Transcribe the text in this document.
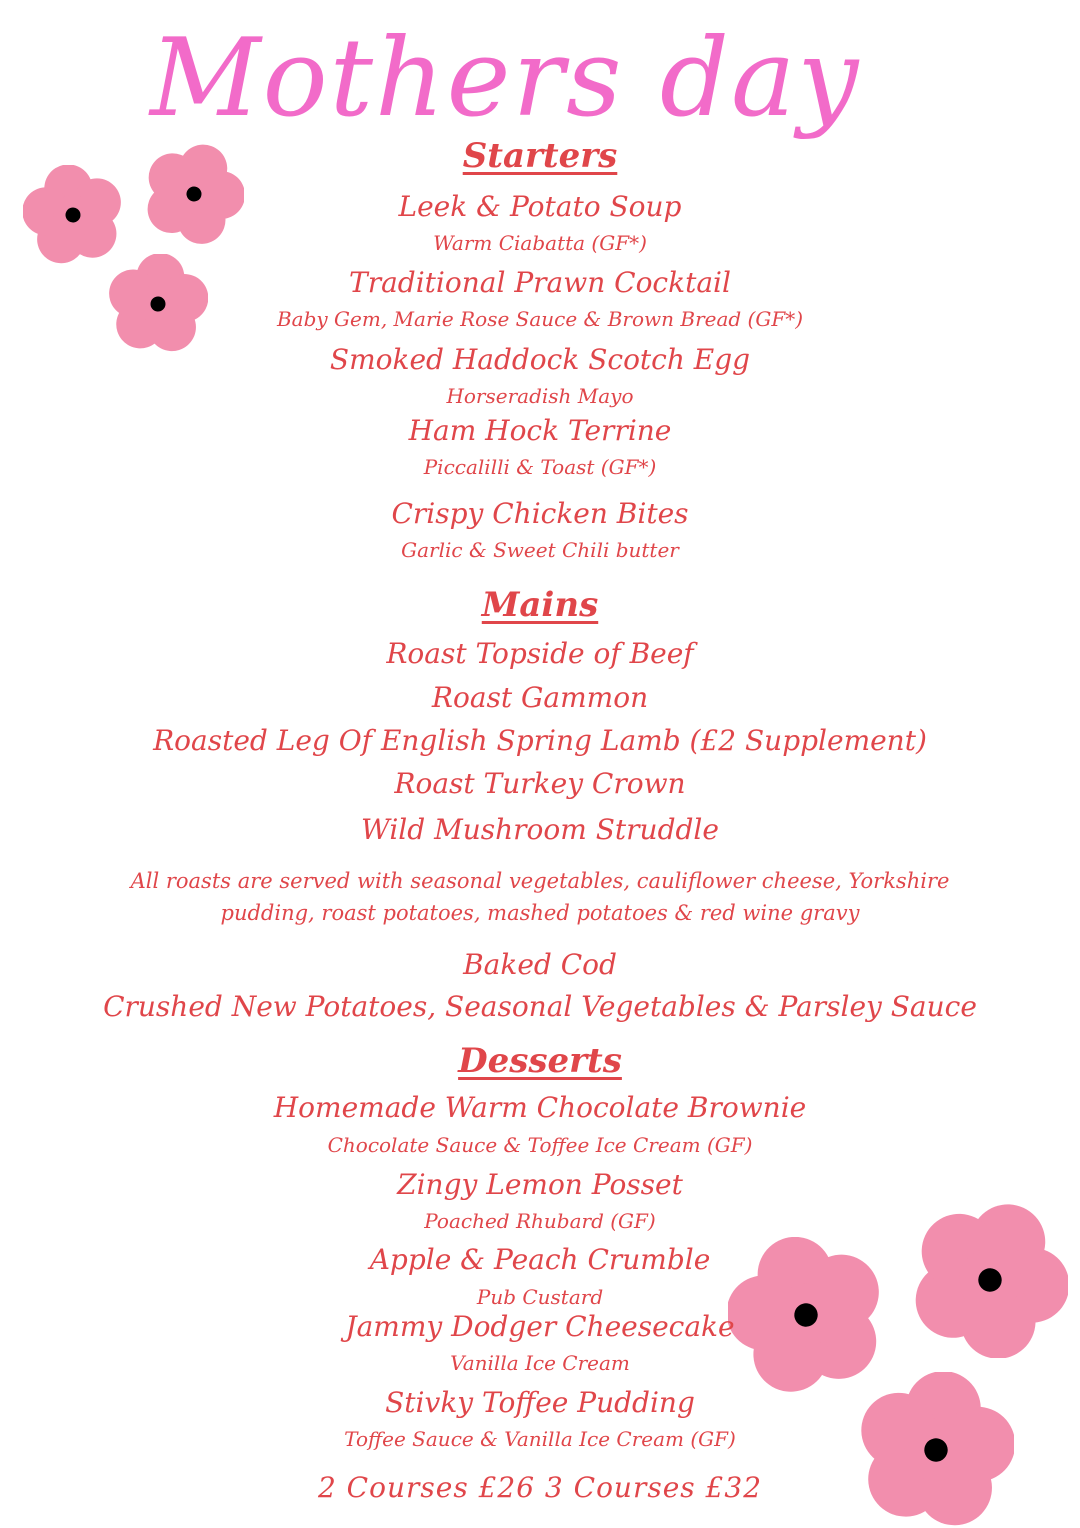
Mothers day
Starters
Leek & Potato Soup
Warm Ciabatta (GF*)
Traditional Prawn Cocktail
Baby Gem, Marie Rose Sauce & Brown Bread (GF*)
Smoked Haddock Scotch Egg
Horseradish Mayo
Ham Hock Terrine
Piccalilli & Toast (GF*)
Crispy Chicken Bites
Garlic & Sweet Chili butter
Mains
Roast Topside of Beef
Roast Gammon
Roasted Leg Of English Spring Lamb (£2 Supplement)
Roast Turkey Crown
Wild Mushroom Struddle
All roasts are served with seasonal vegetables, cauliflower cheese, Yorkshire
pudding, roast potatoes, mashed potatoes & red wine gravy
Baked Cod
Crushed New Potatoes, Seasonal Vegetables & Parsley Sauce
Desserts
Homemade Warm Chocolate Brownie
Chocolate Sauce & Toffee Ice Cream (GF)
Zingy Lemon Posset
Poached Rhubard (GF)
Apple & Peach Crumble
Pub Custard
Jammy Dodger Cheesecake
Vanilla Ice Cream
Stivky Toffee Pudding
Toffee Sauce & Vanilla Ice Cream (GF)
2 Courses £26 3 Courses £32
